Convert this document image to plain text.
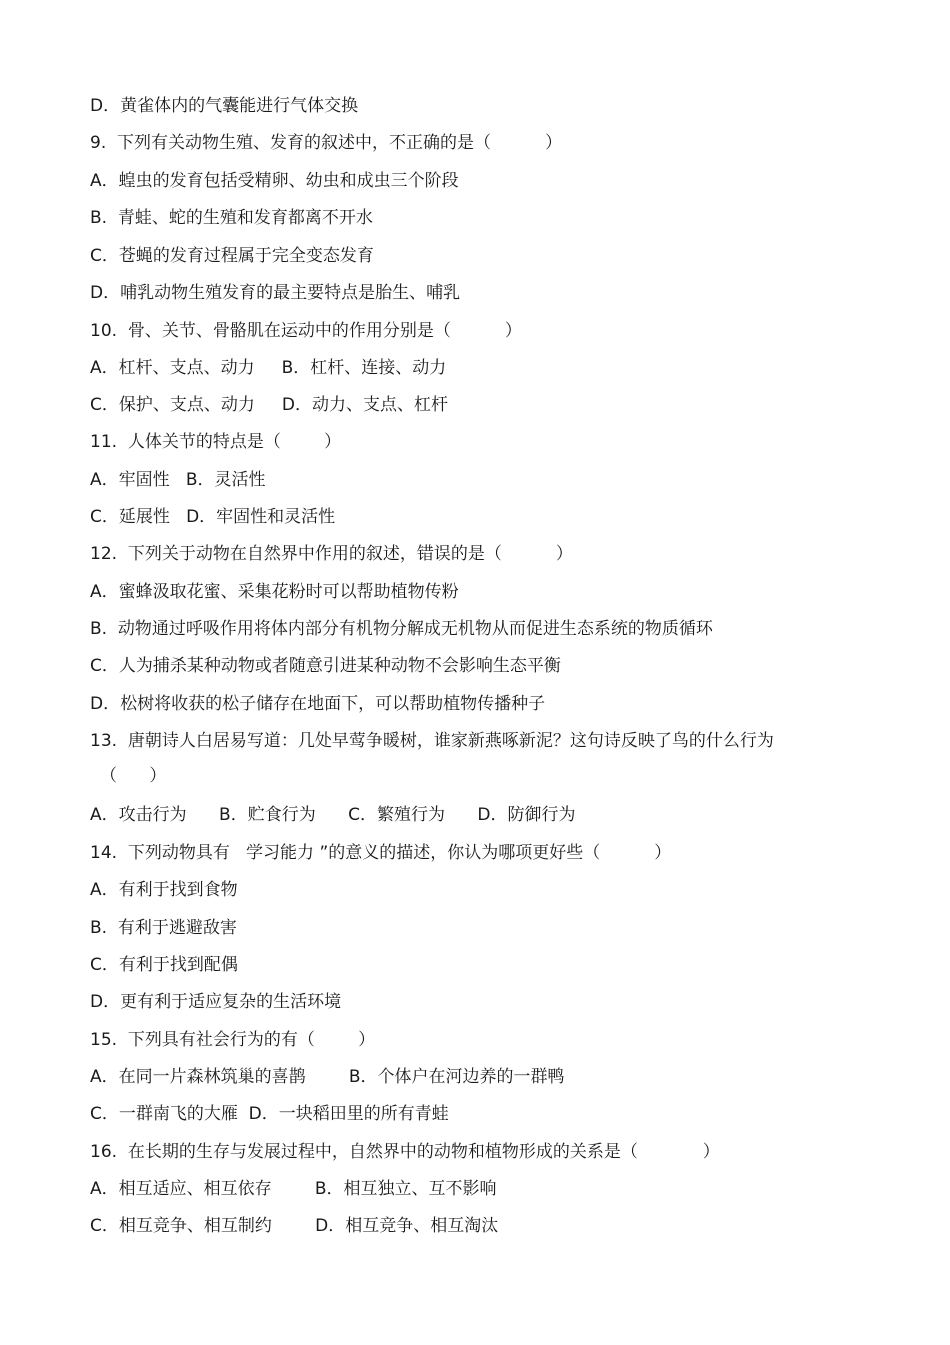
D．黄雀体内的气囊能进行气体交换
9.  下列有关动物生殖、发育的叙述中，不正确的是（          ）
A．蝗虫的发育包括受精卵、幼虫和成虫三个阶段
B.  青蛙、蛇的生殖和发育都离不开水
C．苍蝇的发育过程属于完全变态发育
D．哺乳动物生殖发育的最主要特点是胎生、哺乳
10.  骨、关节、骨骼肌在运动中的作用分别是（          ）
A．杠杆、支点、动力     B．杠杆、连接、动力
C．保护、支点、动力     D．动力、支点、杠杆
11.  人体关节的特点是（        ）
A．牢固性   B．灵活性
C．延展性   D．牢固性和灵活性
12.  下列关于动物在自然界中作用的叙述，错误的是（          ）
A．蜜蜂汲取花蜜、采集花粉时可以帮助植物传粉
B.  动物通过呼吸作用将体内部分有机物分解成无机物从而促进生态系统的物质循环
C．人为捕杀某种动物或者随意引进某种动物不会影响生态平衡
D．松树将收获的松子储存在地面下，可以帮助植物传播种子
13.  唐朝诗人白居易写道：几处早莺争暖树，谁家新燕啄新泥？这句诗反映了鸟的什么行为
（      ）
A．攻击行为      B．贮食行为      C．繁殖行为      D．防御行为
14.  下列动物具有   学习能力 ”的意义的描述，你认为哪项更好些（          ）
A．有利于找到食物
B.  有利于逃避敌害
C．有利于找到配偶
D．更有利于适应复杂的生活环境
15.  下列具有社会行为的有（        ）
A．在同一片森林筑巢的喜鹊        B．个体户在河边养的一群鸭
C．一群南飞的大雁  D．一块稻田里的所有青蛙
16.  在长期的生存与发展过程中，自然界中的动物和植物形成的关系是（            ）
A．相互适应、相互依存        B．相互独立、互不影响
C．相互竞争、相互制约        D．相互竞争、相互淘汰
